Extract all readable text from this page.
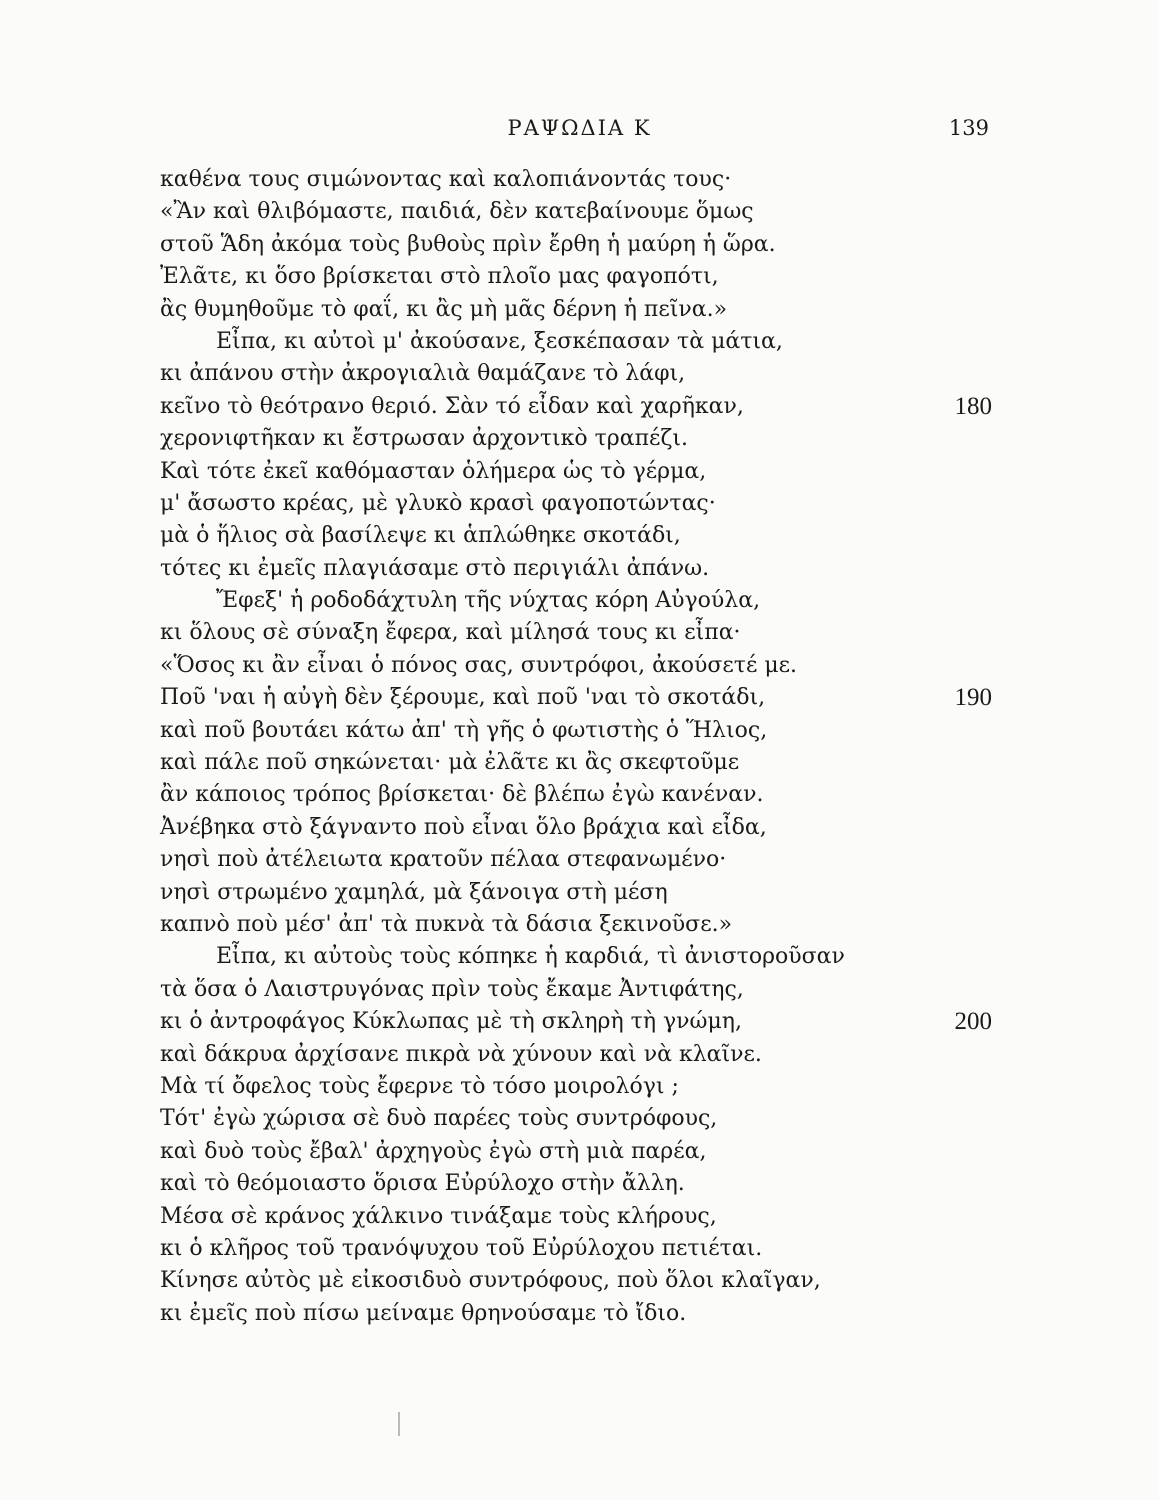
ΡΑΨΩΔΙΑ Κ	139
καθένα τους σιμώνοντας καὶ καλοπιάνοντάς τους·
«Ἂν καὶ θλιβόμαστε, παιδιά, δὲν κατεβαίνουμε ὅμως
στοῦ Ἅδη ἀκόμα τοὺς βυθοὺς πρὶν ἔρθη ἡ μαύρη ἡ ὥρα.
Ἐλᾶτε, κι ὅσο βρίσκεται στὸ πλοῖο μας φαγοπότι,
ἂς θυμηθοῦμε τὸ φαΐ, κι ἂς μὴ μᾶς δέρνη ἡ πεῖνα.»
Εἶπα, κι αὐτοὶ μ' ἀκούσανε, ξεσκέπασαν τὰ μάτια,
κι ἀπάνου στὴν ἀκρογιαλιὰ θαμάζανε τὸ λάφι,
κεῖνο τὸ θεότρανο θεριό. Σὰν τό εἶδαν καὶ χαρῆκαν,	180
χερονιφτῆκαν κι ἔστρωσαν ἀρχοντικὸ τραπέζι.
Καὶ τότε ἐκεῖ καθόμασταν ὁλήμερα ὡς τὸ γέρμα,
μ' ἄσωστο κρέας, μὲ γλυκὸ κρασὶ φαγοποτώντας·
μὰ ὁ ἥλιος σὰ βασίλεψε κι ἁπλώθηκε σκοτάδι,
τότες κι ἐμεῖς πλαγιάσαμε στὸ περιγιάλι ἀπάνω.
Ἔφεξ' ἡ ροδοδάχτυλη τῆς νύχτας κόρη Αὐγούλα,
κι ὅλους σὲ σύναξη ἔφερα, καὶ μίλησά τους κι εἶπα·
«Ὅσος κι ἂν εἶναι ὁ πόνος σας, συντρόφοι, ἀκούσετέ με.
Ποῦ 'ναι ἡ αὐγὴ δὲν ξέρουμε, καὶ ποῦ 'ναι τὸ σκοτάδι,	190
καὶ ποῦ βουτάει κάτω ἀπ' τὴ γῆς ὁ φωτιστὴς ὁ Ἥλιος,
καὶ πάλε ποῦ σηκώνεται· μὰ ἐλᾶτε κι ἂς σκεφτοῦμε
ἂν κάποιος τρόπος βρίσκεται· δὲ βλέπω ἐγὼ κανέναν.
Ἀνέβηκα στὸ ξάγναντο ποὺ εἶναι ὅλο βράχια καὶ εἶδα,
νησὶ ποὺ ἀτέλειωτα κρατοῦν πέλαα στεφανωμένο·
νησὶ στρωμένο χαμηλά, μὰ ξάνοιγα στὴ μέση
καπνὸ ποὺ μέσ' ἀπ' τὰ πυκνὰ τὰ δάσια ξεκινοῦσε.»
Εἶπα, κι αὐτοὺς τοὺς κόπηκε ἡ καρδιά, τὶ ἀνιστοροῦσαν
τὰ ὅσα ὁ Λαιστρυγόνας πρὶν τοὺς ἔκαμε Ἀντιφάτης,
κι ὁ ἀντροφάγος Κύκλωπας μὲ τὴ σκληρὴ τὴ γνώμη,	200
καὶ δάκρυα ἀρχίσανε πικρὰ νὰ χύνουν καὶ νὰ κλαῖνε.
Μὰ τί ὄφελος τοὺς ἔφερνε τὸ τόσο μοιρολόγι ;
Τότ' ἐγὼ χώρισα σὲ δυὸ παρέες τοὺς συντρόφους,
καὶ δυὸ τοὺς ἔβαλ' ἀρχηγοὺς ἐγὼ στὴ μιὰ παρέα,
καὶ τὸ θεόμοιαστο ὅρισα Εὐρύλοχο στὴν ἄλλη.
Μέσα σὲ κράνος χάλκινο τινάξαμε τοὺς κλήρους,
κι ὁ κλῆρος τοῦ τρανόψυχου τοῦ Εὐρύλοχου πετιέται.
Κίνησε αὐτὸς μὲ εἰκοσιδυὸ συντρόφους, ποὺ ὅλοι κλαῖγαν,
κι ἐμεῖς ποὺ πίσω μείναμε θρηνούσαμε τὸ ἴδιο.
